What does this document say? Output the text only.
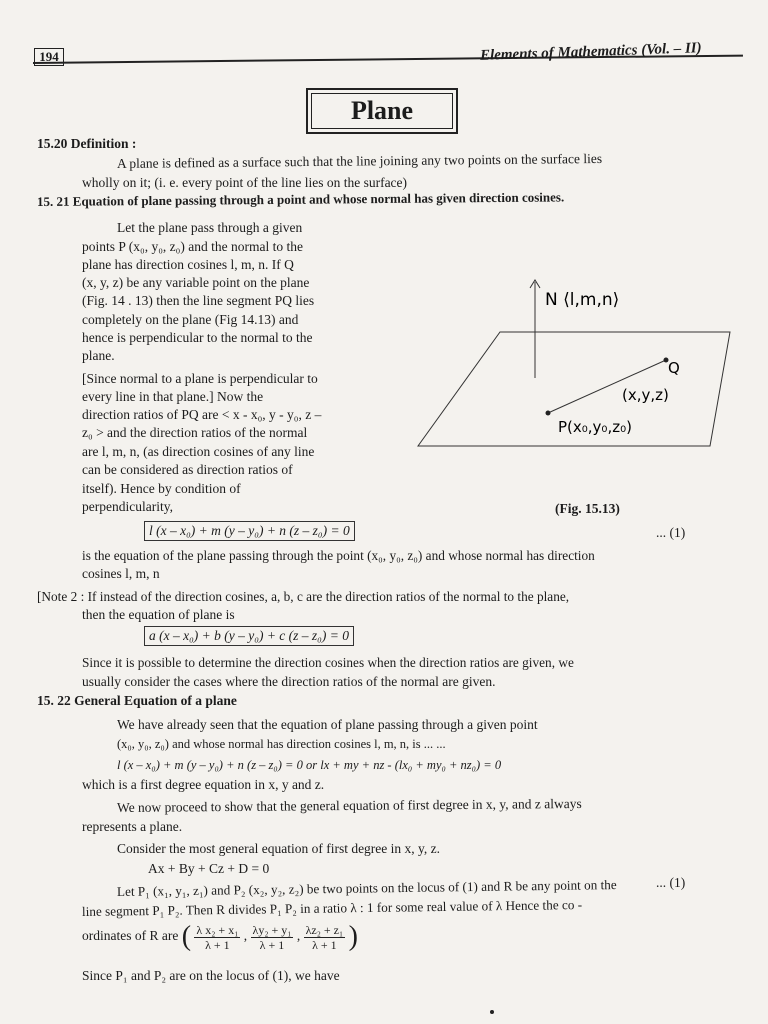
194	Elements of Mathematics (Vol. – II)
Plane
15.20 Definition :
A plane is defined as a surface such that the line joining any two points on the surface lies
wholly on it; (i. e. every point of the line lies on the surface)
15. 21 Equation of plane passing through a point and whose normal has given direction cosines.
Let the plane pass through a given
points P (x₀, y₀, z₀) and the normal to the
plane has direction cosines l, m, n. If Q
(x, y, z) be any variable point on the plane
(Fig. 14 . 13) then the line segment PQ lies
completely on the plane (Fig 14.13) and
hence is perpendicular to the normal to the
plane.
[Since normal to a plane is perpendicular to
every line in that plane.] Now the
direction ratios of PQ are < x - x₀, y - y₀, z –
z₀ > and the direction ratios of the normal
are l, m, n, (as direction cosines of any line
can be considered as direction ratios of
itself). Hence by condition of
perpendicularity,
N ⟨l,m,n⟩
Q
(x,y,z)
P(x₀,y₀,z₀)
(Fig. 15.13)
l (x – x₀) + m (y – y₀) + n (z – z₀) = 0	... (1)
is the equation of the plane passing through the point (x₀, y₀, z₀) and whose normal has direction
cosines l, m, n
[Note 2 : If instead of the direction cosines, a, b, c are the direction ratios of the normal to the plane,
then the equation of plane is
a (x – x₀) + b (y – y₀) + c (z – z₀) = 0
Since it is possible to determine the direction cosines when the direction ratios are given, we
usually consider the cases where the direction ratios of the normal are given.
15. 22 General Equation of a plane
We have already seen that the equation of plane passing through a given point
(x₀, y₀, z₀) and whose normal has direction cosines l, m, n, is ... ...
l (x – x₀) + m (y – y₀) + n (z – z₀) = 0 or lx + my + nz - (lx₀ + my₀ + nz₀) = 0
which is a first degree equation in x, y and z.
We now proceed to show that the general equation of first degree in x, y, and z always
represents a plane.
Consider the most general equation of first degree in x, y, z.
Ax + By + Cz + D = 0
... (1)
Let P₁ (x₁, y₁, z₁) and P₂ (x₂, y₂, z₂) be two points on the locus of (1) and R be any point on the
line segment P₁ P₂. Then R divides P₁ P₂ in a ratio λ : 1 for some real value of λ Hence the co -
ordinates of R are ( $\frac{\text{λ x₂ + x₁}}{\lambda + 1}$ , $\frac{\text{λy₂ + y₁}}{\lambda + 1}$ , $\frac{\text{λz₂ + z₁}}{\lambda + 1}$ )
Since P₁ and P₂ are on the locus of (1), we have
